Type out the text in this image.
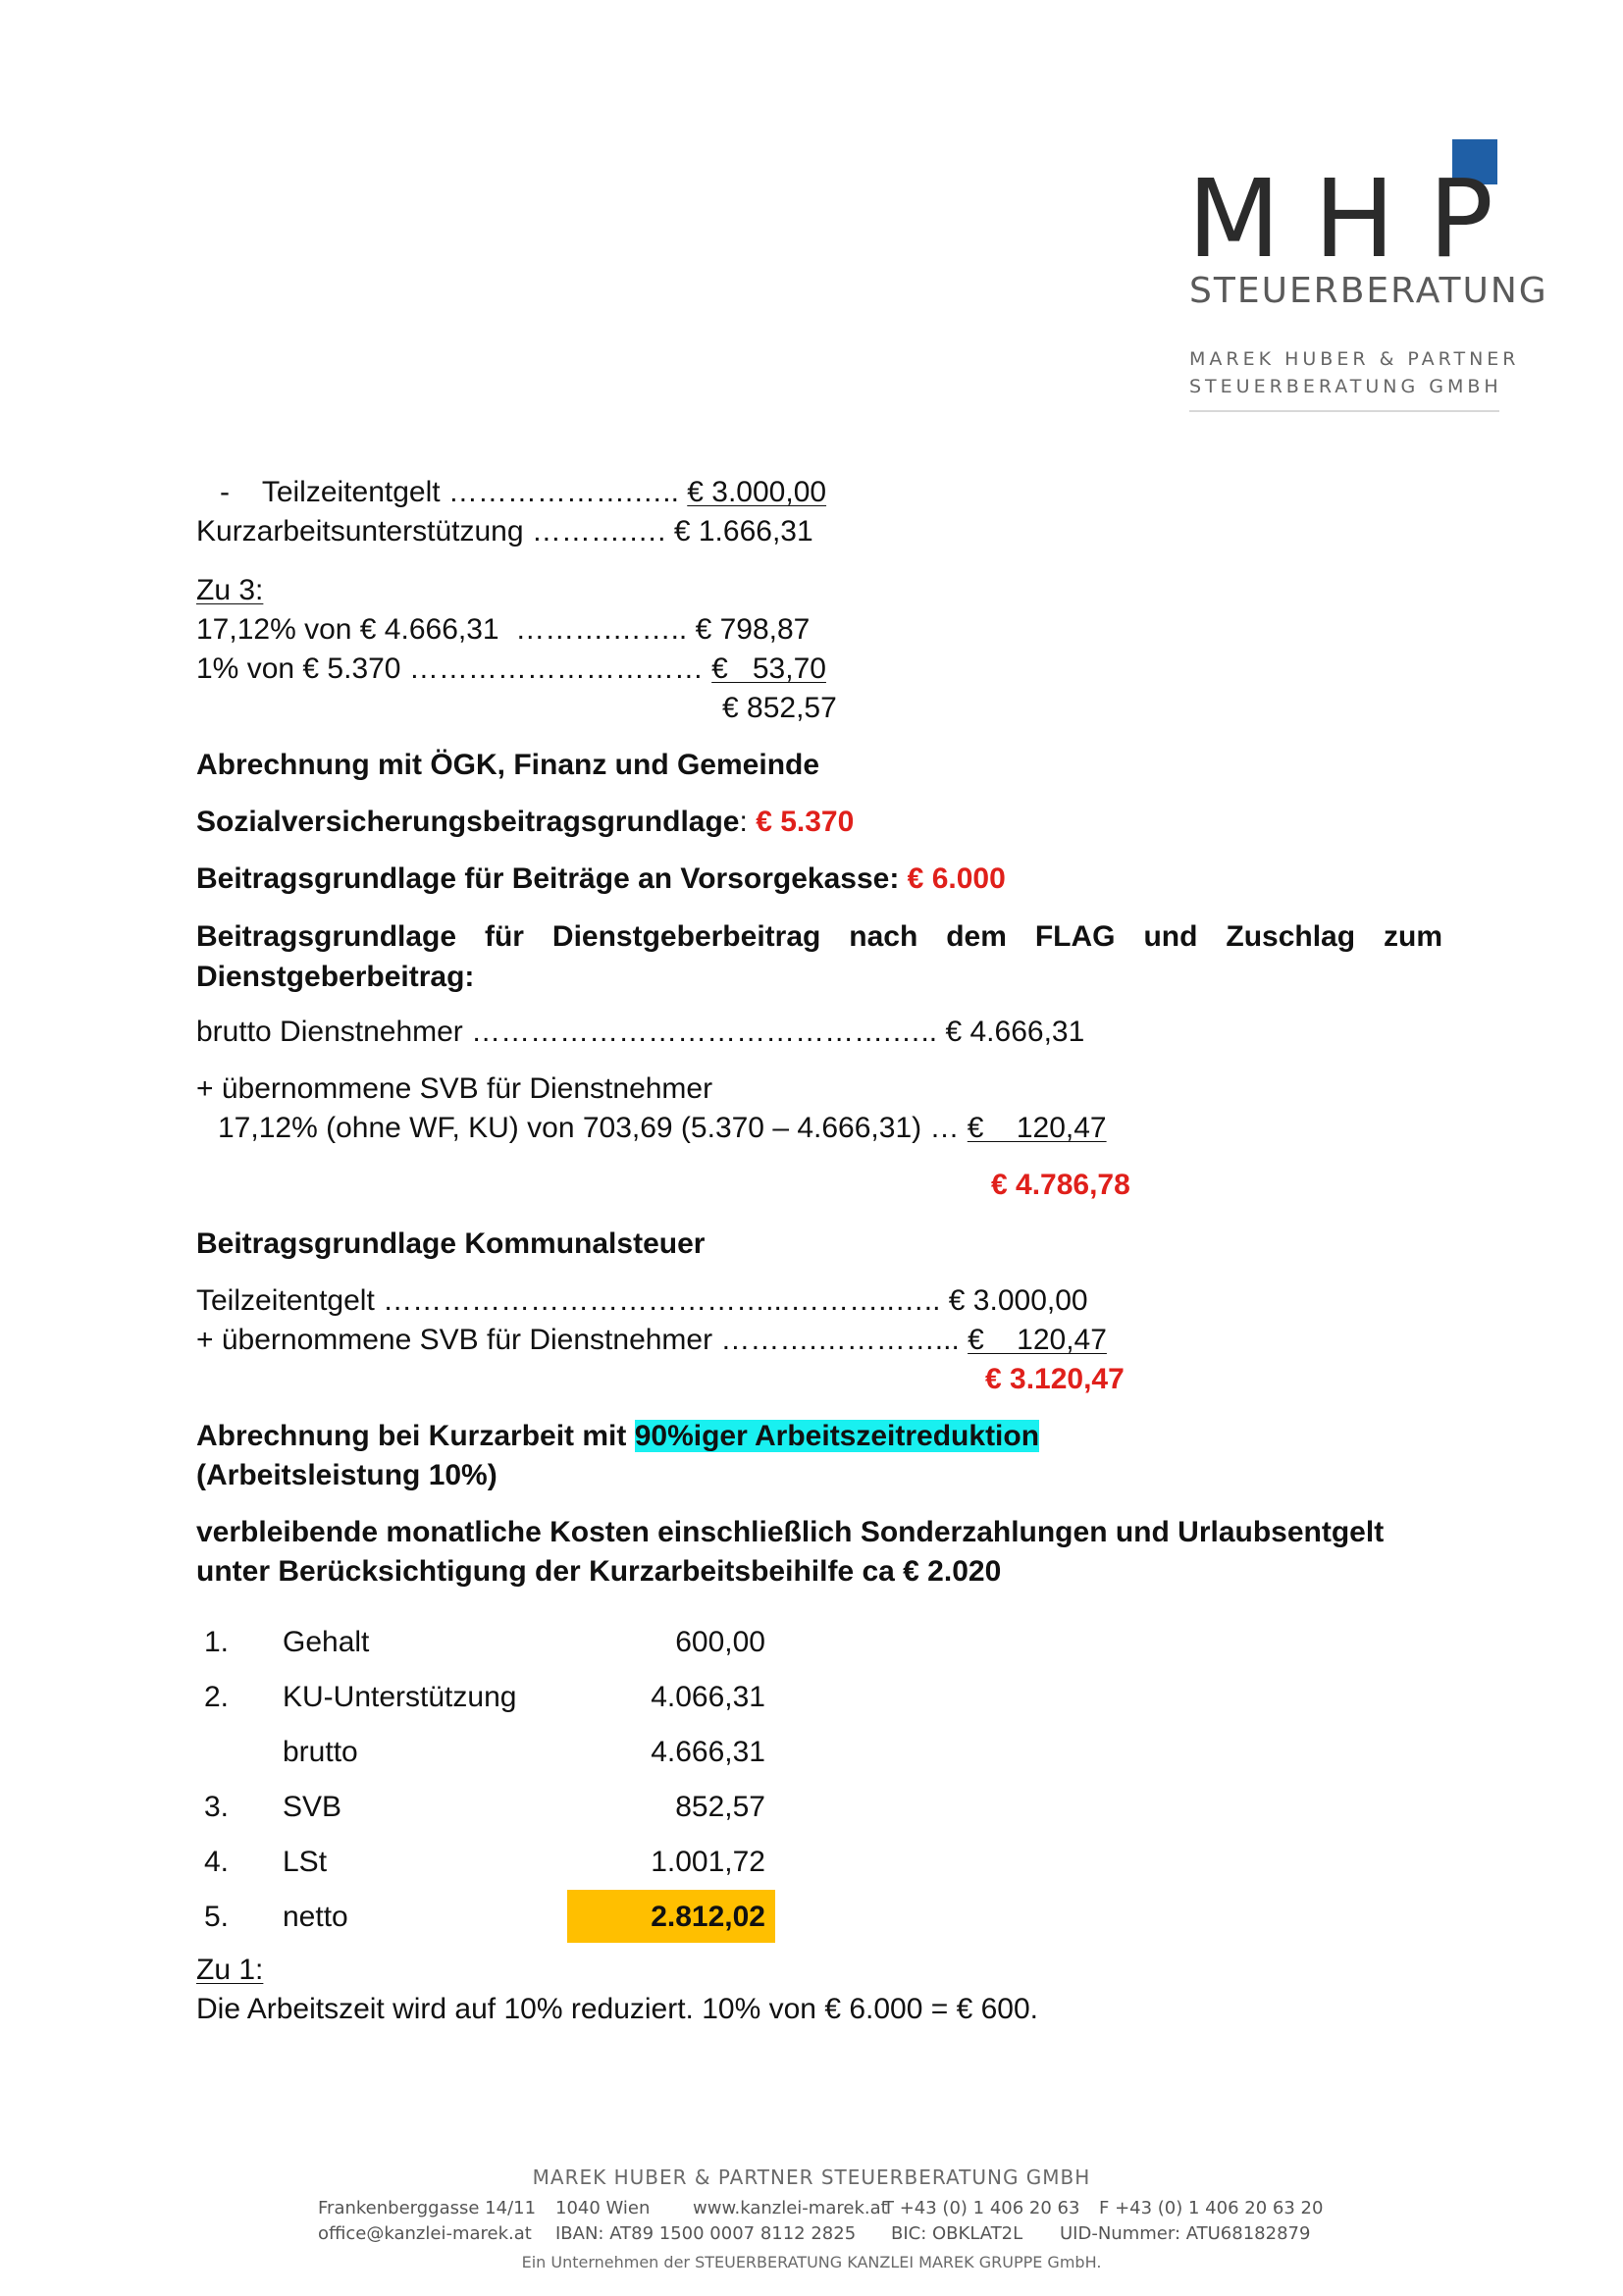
MHP
STEUERBERATUNG
MAREK HUBER & PARTNER
STEUERBERATUNG GMBH
- Teilzeitentgelt ……………….….. € 3.000,00
Kurzarbeitsunterstützung ……….…. € 1.666,31
Zu 3:
17,12% von € 4.666,31  ……….…….. € 798,87
1% von € 5.370 ………………………… €   53,70
€ 852,57
Abrechnung mit ÖGK, Finanz und Gemeinde
Sozialversicherungsbeitragsgrundlage: € 5.370
Beitragsgrundlage für Beiträge an Vorsorgekasse: € 6.000
Beitragsgrundlage für Dienstgeberbeitrag nach dem FLAG und Zuschlag zum Dienstgeberbeitrag:
brutto Dienstnehmer …………………………………….….. € 4.666,31
+ übernommene SVB für Dienstnehmer
17,12% (ohne WF, KU) von 703,69 (5.370 – 4.666,31) … €    120,47
€ 4.786,78
Beitragsgrundlage Kommunalsteuer
Teilzeitentgelt …………………………………...………..….. € 3.000,00
+ übernommene SVB für Dienstnehmer ……….…………... €    120,47
€ 3.120,47
Abrechnung bei Kurzarbeit mit 90%iger Arbeitszeitreduktion
(Arbeitsleistung 10%)
verbleibende monatliche Kosten einschließlich Sonderzahlungen und Urlaubsentgelt
unter Berücksichtigung der Kurzarbeitsbeihilfe ca € 2.020
1. Gehalt	600,00
2. KU-Unterstützung	4.066,31
brutto	4.666,31
3. SVB	852,57
4. LSt	1.001,72
5. netto	2.812,02
Zu 1:
Die Arbeitszeit wird auf 10% reduziert. 10% von € 6.000 = € 600.
MAREK HUBER & PARTNER STEUERBERATUNG GMBH
Frankenberggasse 14/11 1040 Wien www.kanzlei-marek.at
T +43 (0) 1 406 20 63 F +43 (0) 1 406 20 63 20
office@kanzlei-marek.at IBAN: AT89 1500 0007 8112 2825 BIC: OBKLAT2L UID-Nummer: ATU68182879
Ein Unternehmen der STEUERBERATUNG KANZLEI MAREK GRUPPE GmbH.
